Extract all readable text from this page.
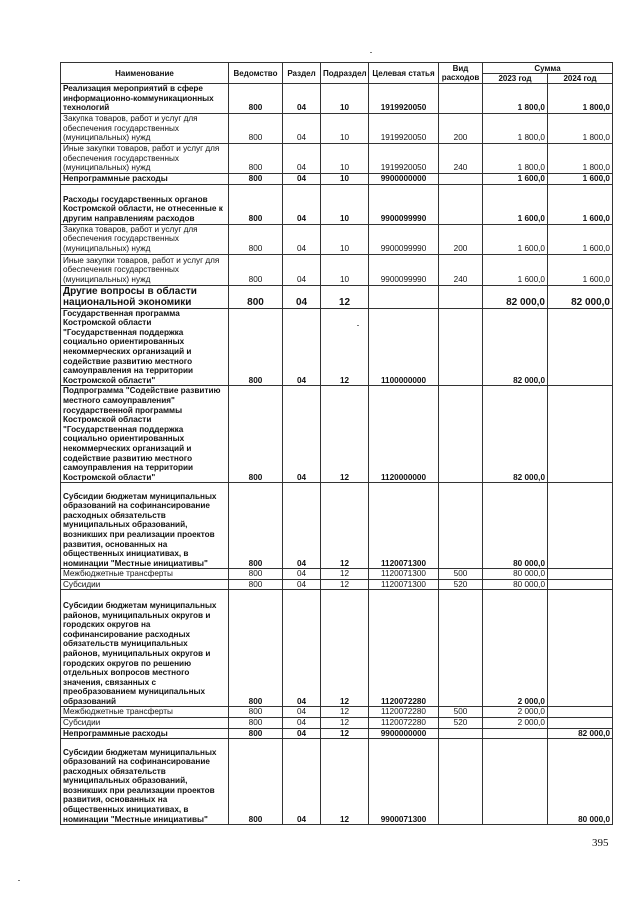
Наименование	Ведомство	Раздел	Подраздел	Целевая статья	Вид расходов	Сумма	
						2023 год	2024 год
Реализация мероприятий в сфере информационно-коммуникационных технологий	800	04	10	1919920050		1 800,0	1 800,0
Закупка товаров, работ и услуг для обеспечения государственных (муниципальных) нужд	800	04	10	1919920050	200	1 800,0	1 800,0
Иные закупки товаров, работ и услуг для обеспечения государственных (муниципальных) нужд	800	04	10	1919920050	240	1 800,0	1 800,0
Непрограммные расходы	800	04	10	9900000000		1 600,0	1 600,0
Расходы государственных органов Костромской области, не отнесенные к другим направлениям расходов	800	04	10	9900099990		1 600,0	1 600,0
Закупка товаров, работ и услуг для обеспечения государственных (муниципальных) нужд	800	04	10	9900099990	200	1 600,0	1 600,0
Иные закупки товаров, работ и услуг для обеспечения государственных (муниципальных) нужд	800	04	10	9900099990	240	1 600,0	1 600,0
Другие вопросы в области национальной экономики	800	04	12			82 000,0	82 000,0
Государственная программа Костромской области "Государственная поддержка социально ориентированных некоммерческих организаций и содействие развитию местного самоуправления на территории Костромской области"	800	04	12	1100000000		82 000,0	
Подпрограмма "Содействие развитию местного самоуправления" государственной программы Костромской области "Государственная поддержка социально ориентированных некоммерческих организаций и содействие развитию местного самоуправления на территории Костромской области"	800	04	12	1120000000		82 000,0	
Субсидии бюджетам муниципальных образований на софинансирование расходных обязательств муниципальных образований, возникших при реализации проектов развития, основанных на общественных инициативах, в номинации "Местные инициативы"	800	04	12	1120071300		80 000,0	
Межбюджетные трансферты	800	04	12	1120071300	500	80 000,0	
Субсидии	800	04	12	1120071300	520	80 000,0	
Субсидии бюджетам муниципальных районов, муниципальных округов и городских округов на софинансирование расходных обязательств муниципальных районов, муниципальных округов и городских округов по решению отдельных вопросов местного значения, связанных с преобразованием муниципальных образований	800	04	12	1120072280		2 000,0	
Межбюджетные трансферты	800	04	12	1120072280	500	2 000,0	
Субсидии	800	04	12	1120072280	520	2 000,0	
Непрограммные расходы	800	04	12	9900000000			82 000,0
Субсидии бюджетам муниципальных образований на софинансирование расходных обязательств муниципальных образований, возникших при реализации проектов развития, основанных на общественных инициативах, в номинации "Местные инициативы"	800	04	12	9900071300			80 000,0
395
